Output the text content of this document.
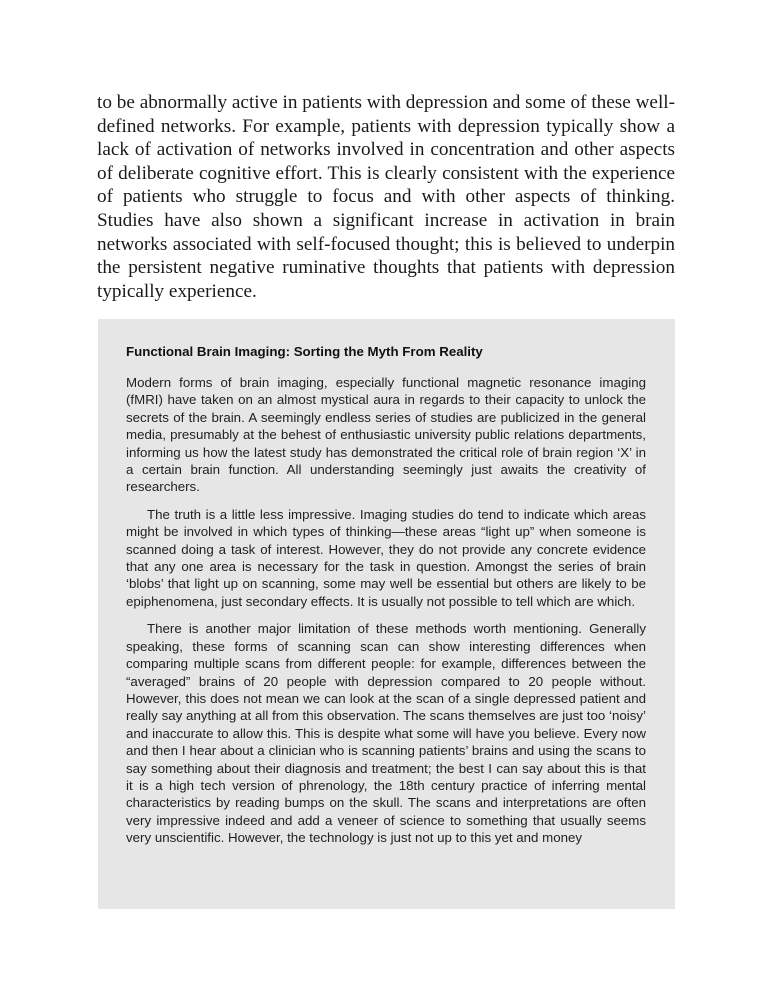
to be abnormally active in patients with depression and some of these well-defined networks. For example, patients with depression typically show a lack of activation of networks involved in concentration and other aspects of deliberate cognitive effort. This is clearly consistent with the experience of patients who struggle to focus and with other aspects of thinking. Studies have also shown a significant increase in activation in brain networks associated with self-focused thought; this is believed to underpin the persistent negative ruminative thoughts that patients with depression typically experience.

Functional Brain Imaging: Sorting the Myth From Reality

Modern forms of brain imaging, especially functional magnetic resonance imaging (fMRI) have taken on an almost mystical aura in regards to their capacity to unlock the secrets of the brain. A seemingly endless series of studies are publicized in the general media, presumably at the behest of enthusiastic university public relations departments, informing us how the latest study has demonstrated the critical role of brain region ‘X’ in a certain brain function. All understanding seemingly just awaits the creativity of researchers.

The truth is a little less impressive. Imaging studies do tend to indicate which areas might be involved in which types of thinking—these areas “light up” when someone is scanned doing a task of interest. However, they do not provide any concrete evidence that any one area is necessary for the task in question. Amongst the series of brain ‘blobs’ that light up on scanning, some may well be essential but others are likely to be epiphenomena, just secondary effects. It is usually not possible to tell which are which.

There is another major limitation of these methods worth mentioning. Generally speaking, these forms of scanning scan can show interesting differences when comparing multiple scans from different people: for example, differences between the “averaged” brains of 20 people with depression compared to 20 people without. However, this does not mean we can look at the scan of a single depressed patient and really say anything at all from this observation. The scans themselves are just too ‘noisy’ and inaccurate to allow this. This is despite what some will have you believe. Every now and then I hear about a clinician who is scanning patients’ brains and using the scans to say something about their diagnosis and treatment; the best I can say about this is that it is a high tech version of phrenology, the 18th century practice of inferring mental characteristics by reading bumps on the skull. The scans and interpretations are often very impressive indeed and add a veneer of science to something that usually seems very unscientific. However, the technology is just not up to this yet and money
